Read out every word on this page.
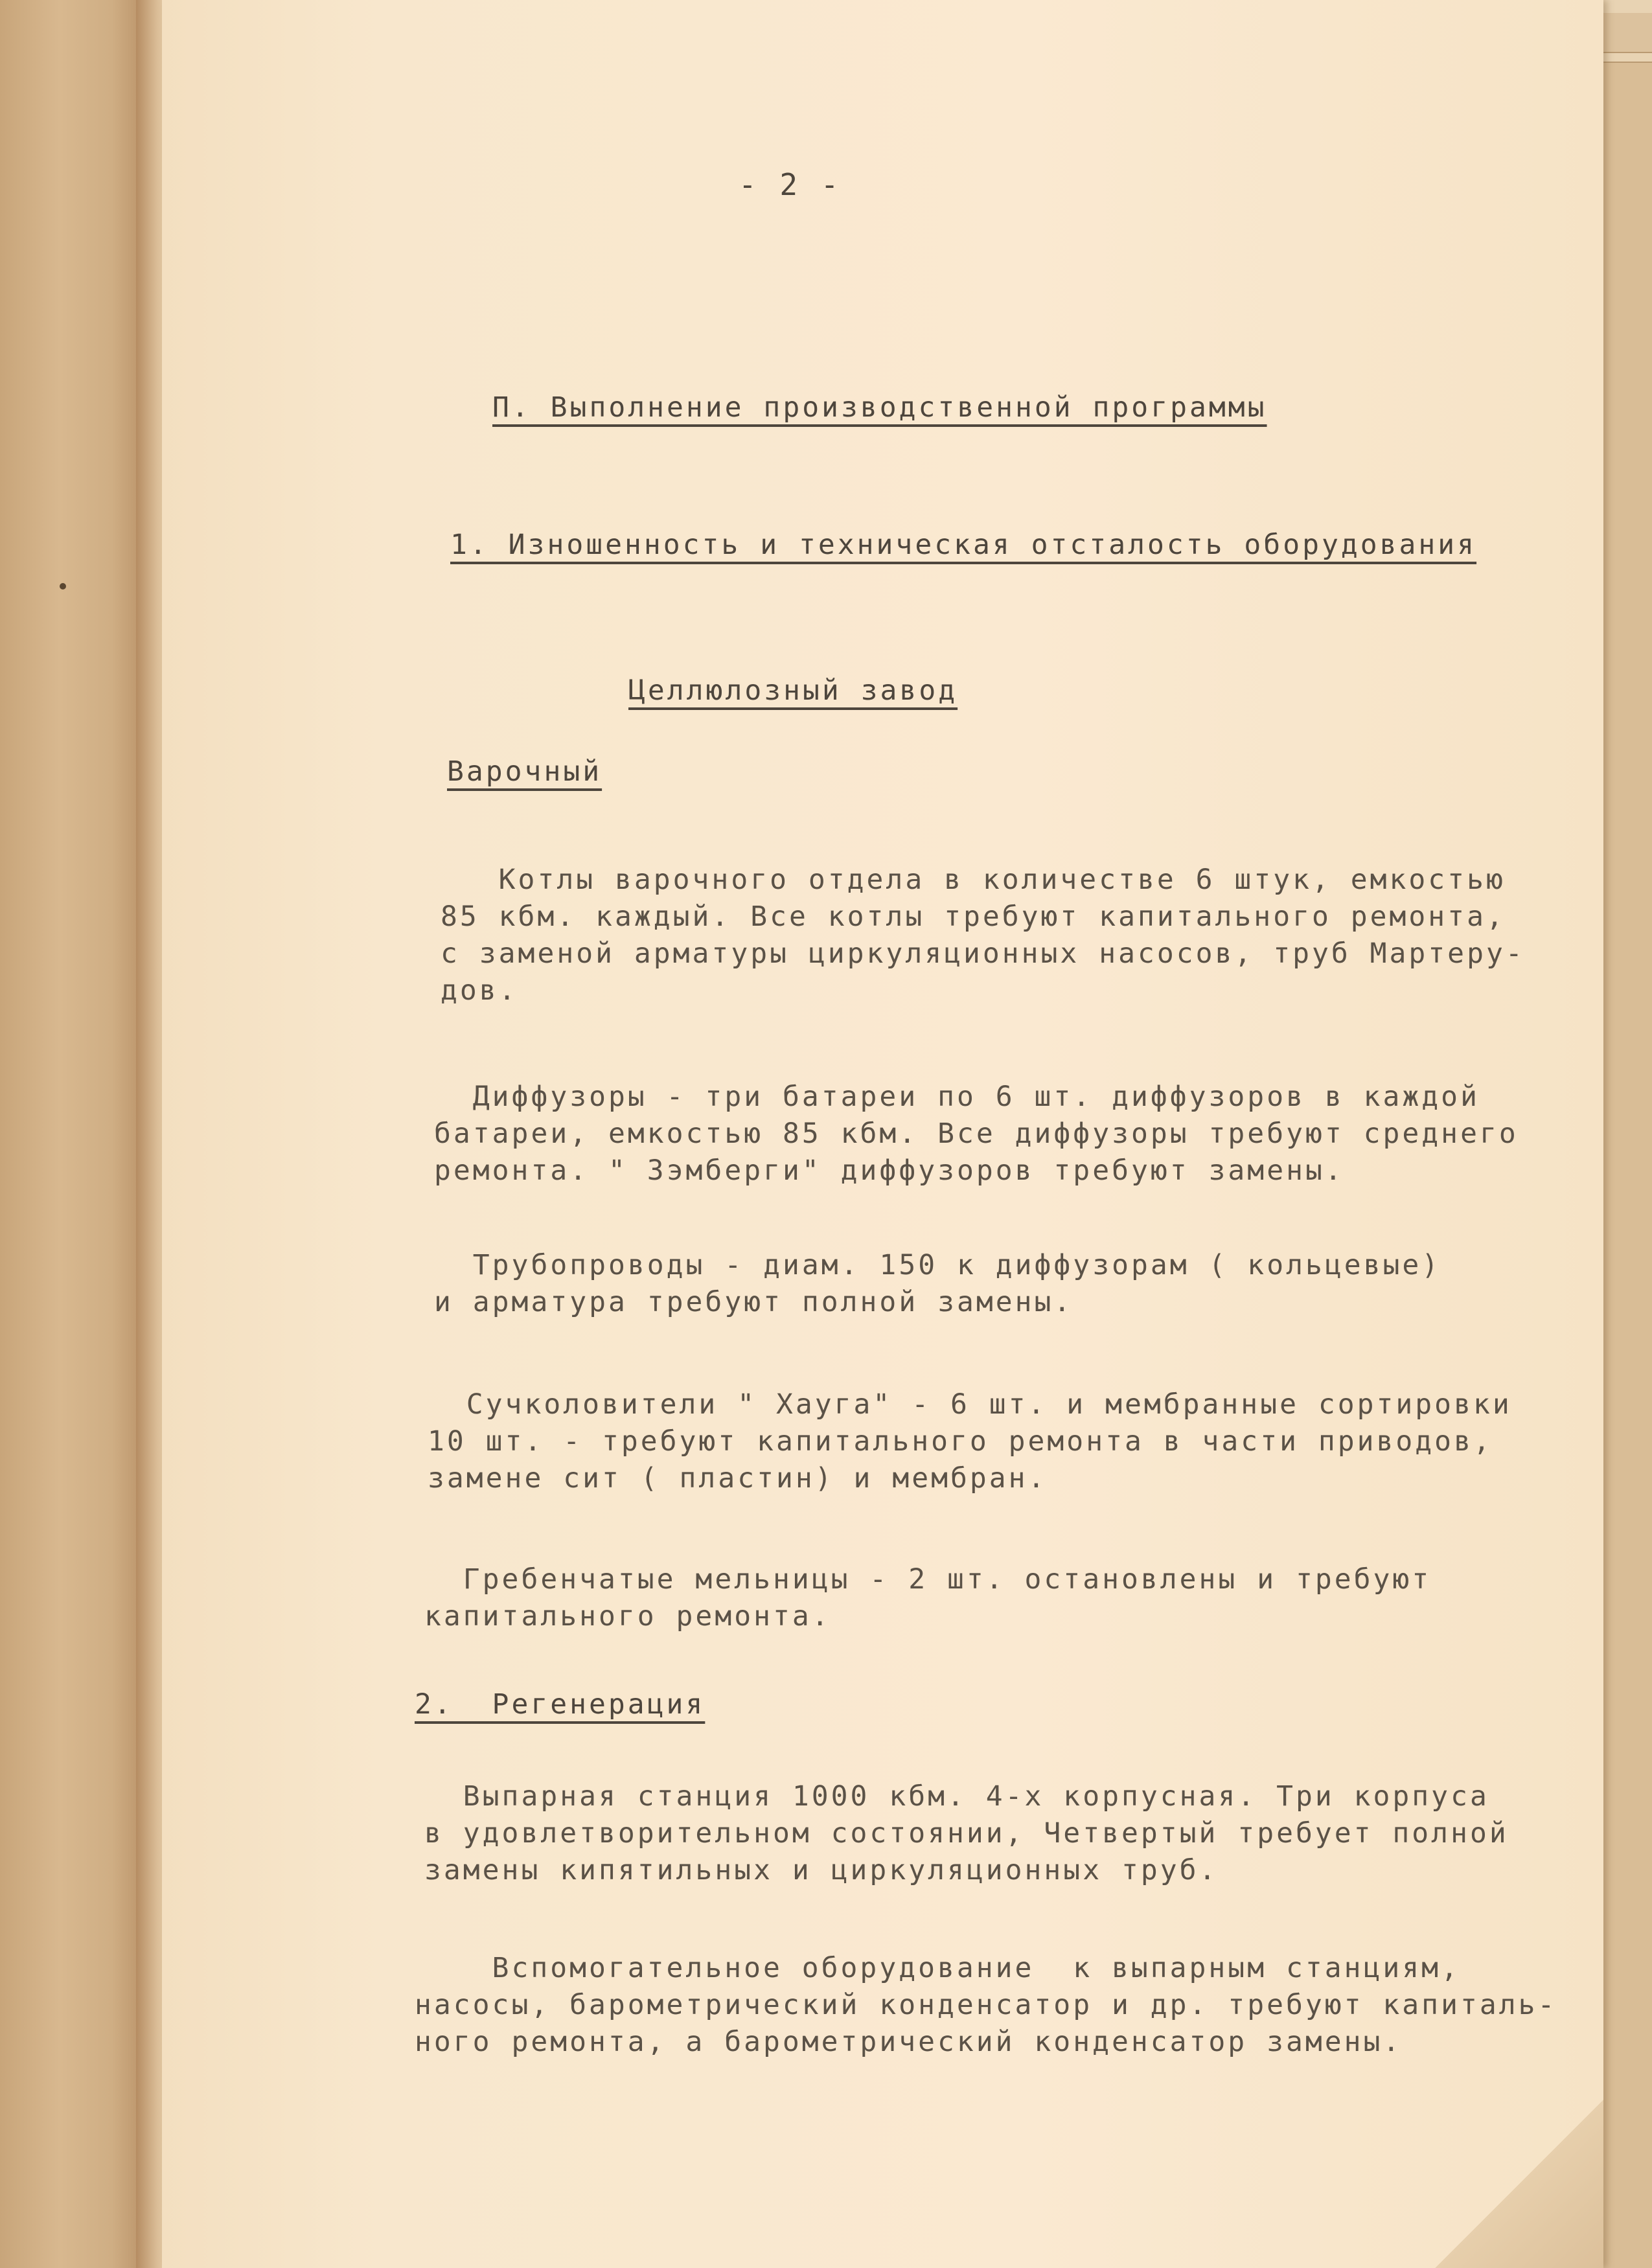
- 2 -
П. Выполнение производственной программы
1. Изношенность и техническая отсталость оборудования
Целлюлозный завод
Варочный
Котлы варочного отдела в количестве 6 штук, емкостью
85 кбм. каждый. Все котлы требуют капитального ремонта,
с заменой арматуры циркуляционных насосов, труб Мартеру-
дов.
Диффузоры - три батареи по 6 шт. диффузоров в каждой
батареи, емкостью 85 кбм. Все диффузоры требуют среднего
ремонта. " Зэмберги" диффузоров требуют замены.
Трубопроводы - диам. 150 к диффузорам ( кольцевые)
и арматура требуют полной замены.
Сучколовители " Хауга" - 6 шт. и мембранные сортировки
10 шт. - требуют капитального ремонта в части приводов,
замене сит ( пластин) и мембран.
Гребенчатые мельницы - 2 шт. остановлены и требуют
капитального ремонта.
2.  Регенерация
Выпарная станция 1000 кбм. 4-х корпусная. Три корпуса
в удовлетворительном состоянии, Четвертый требует полной
замены кипятильных и циркуляционных труб.
Вспомогательное оборудование  к выпарным станциям,
насосы, барометрический конденсатор и др. требуют капиталь-
ного ремонта, а барометрический конденсатор замены.
